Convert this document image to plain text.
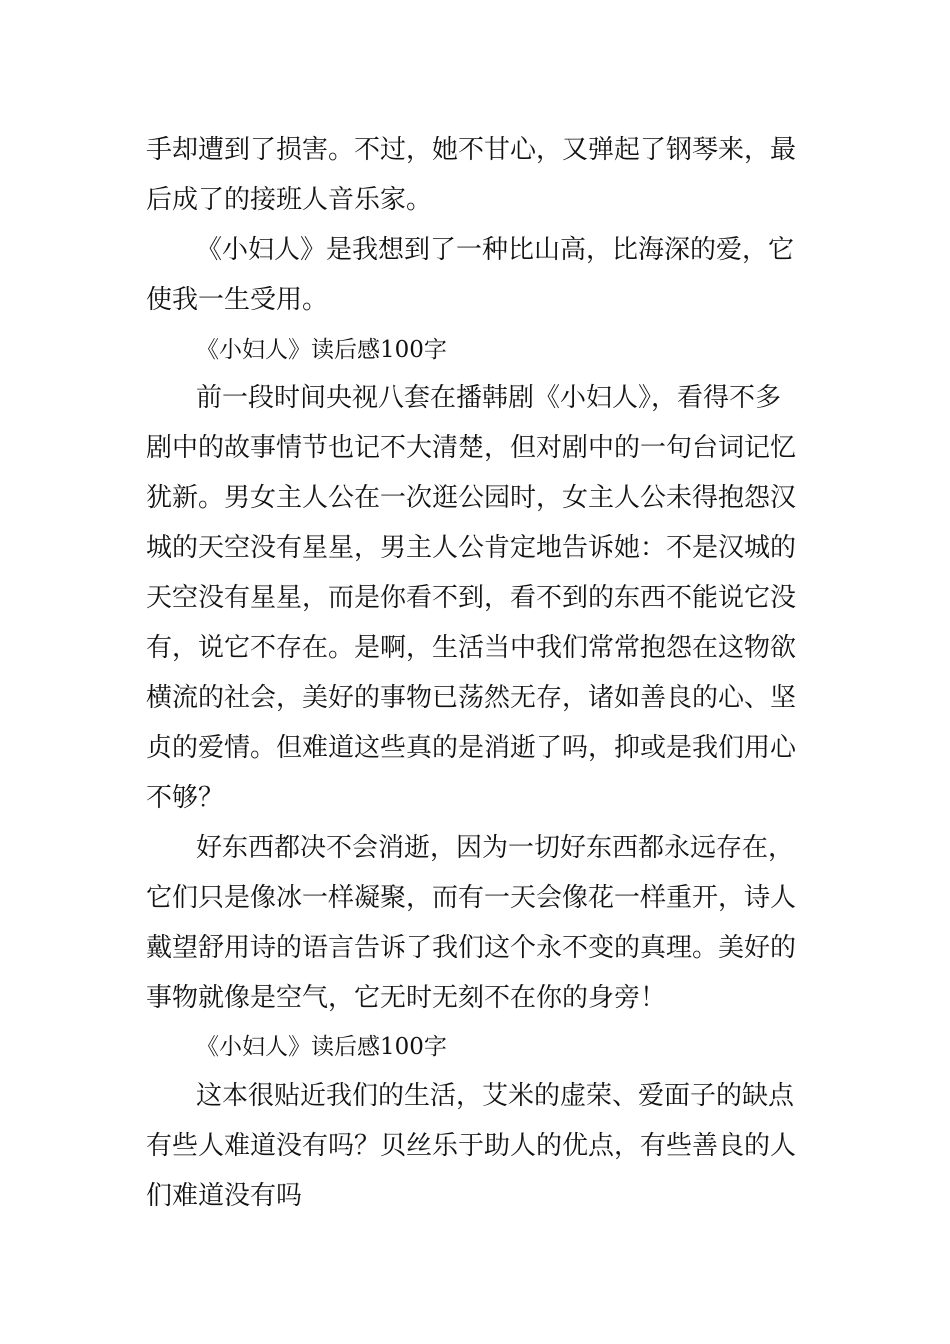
手却遭到了损害。不过，她不甘心，又弹起了钢琴来，最
后成了的接班人音乐家。
《小妇人》是我想到了一种比山高，比海深的爱，它
使我一生受用。
《小妇人》读后感100字
前一段时间央视八套在播韩剧《小妇人》，看得不多
剧中的故事情节也记不大清楚，但对剧中的一句台词记忆
犹新。男女主人公在一次逛公园时，女主人公未得抱怨汉
城的天空没有星星，男主人公肯定地告诉她：不是汉城的
天空没有星星，而是你看不到，看不到的东西不能说它没
有，说它不存在。是啊，生活当中我们常常抱怨在这物欲
横流的社会，美好的事物已荡然无存，诸如善良的心、坚
贞的爱情。但难道这些真的是消逝了吗，抑或是我们用心
不够？
好东西都决不会消逝，因为一切好东西都永远存在，
它们只是像冰一样凝聚，而有一天会像花一样重开，诗人
戴望舒用诗的语言告诉了我们这个永不变的真理。美好的
事物就像是空气，它无时无刻不在你的身旁！
《小妇人》读后感100字
这本很贴近我们的生活，艾米的虚荣、爱面子的缺点
有些人难道没有吗？贝丝乐于助人的优点，有些善良的人
们难道没有吗
